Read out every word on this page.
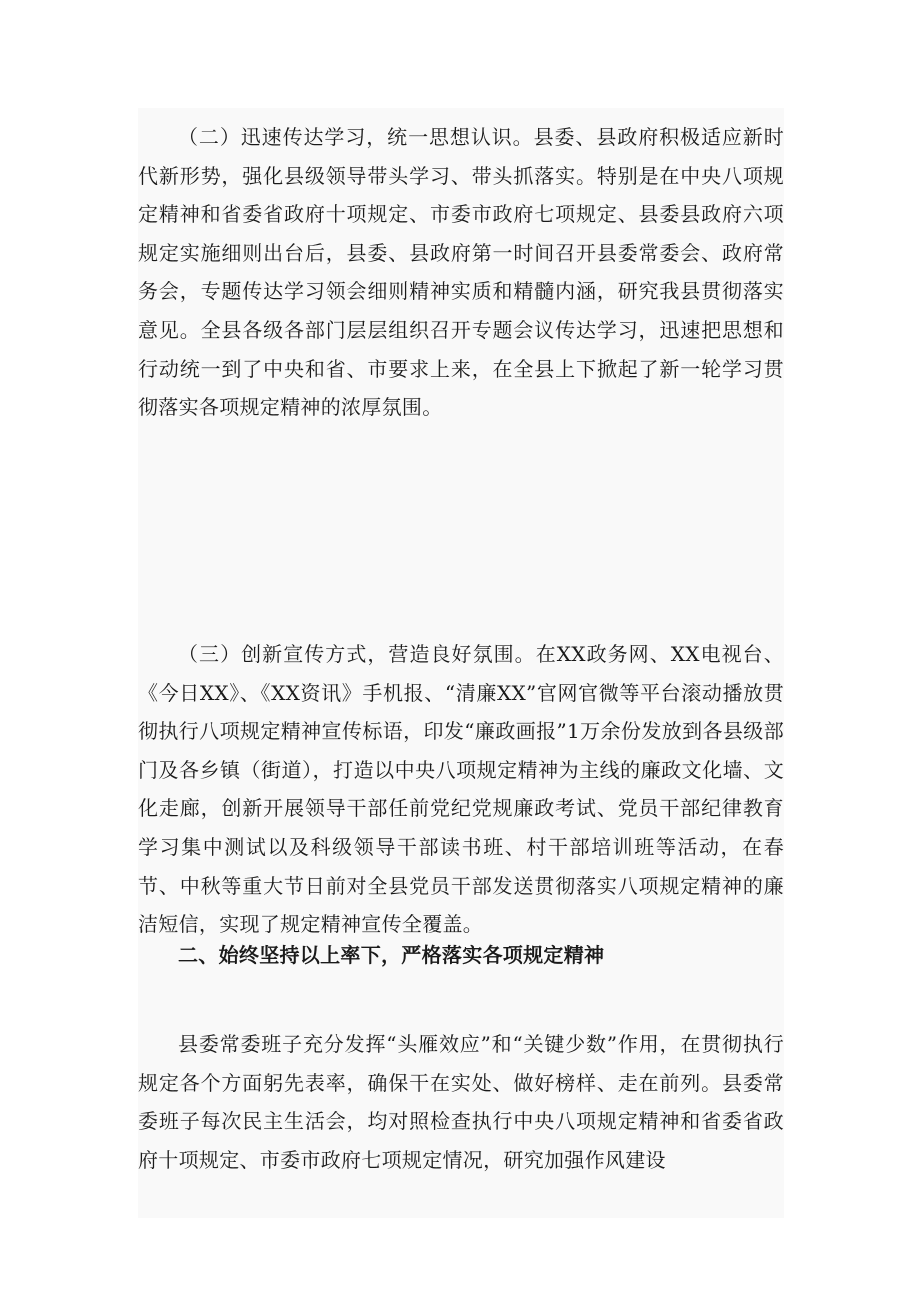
（二）迅速传达学习，统一思想认识。县委、县政府积极适应新时代新形势，强化县级领导带头学习、带头抓落实。特别是在中央八项规定精神和省委省政府十项规定、市委市政府七项规定、县委县政府六项规定实施细则出台后，县委、县政府第一时间召开县委常委会、政府常务会，专题传达学习领会细则精神实质和精髓内涵，研究我县贯彻落实意见。全县各级各部门层层组织召开专题会议传达学习，迅速把思想和行动统一到了中央和省、市要求上来，在全县上下掀起了新一轮学习贯彻落实各项规定精神的浓厚氛围。

（三）创新宣传方式，营造良好氛围。在XX政务网、XX电视台、《今日XX》、《XX资讯》手机报、“清廉XX”官网官微等平台滚动播放贯彻执行八项规定精神宣传标语，印发“廉政画报”1万余份发放到各县级部门及各乡镇（街道），打造以中央八项规定精神为主线的廉政文化墙、文化走廊，创新开展领导干部任前党纪党规廉政考试、党员干部纪律教育学习集中测试以及科级领导干部读书班、村干部培训班等活动，在春节、中秋等重大节日前对全县党员干部发送贯彻落实八项规定精神的廉洁短信，实现了规定精神宣传全覆盖。

二、始终坚持以上率下，严格落实各项规定精神

县委常委班子充分发挥“头雁效应”和“关键少数”作用，在贯彻执行规定各个方面躬先表率，确保干在实处、做好榜样、走在前列。县委常委班子每次民主生活会，均对照检查执行中央八项规定精神和省委省政府十项规定、市委市政府七项规定情况，研究加强作风建设
